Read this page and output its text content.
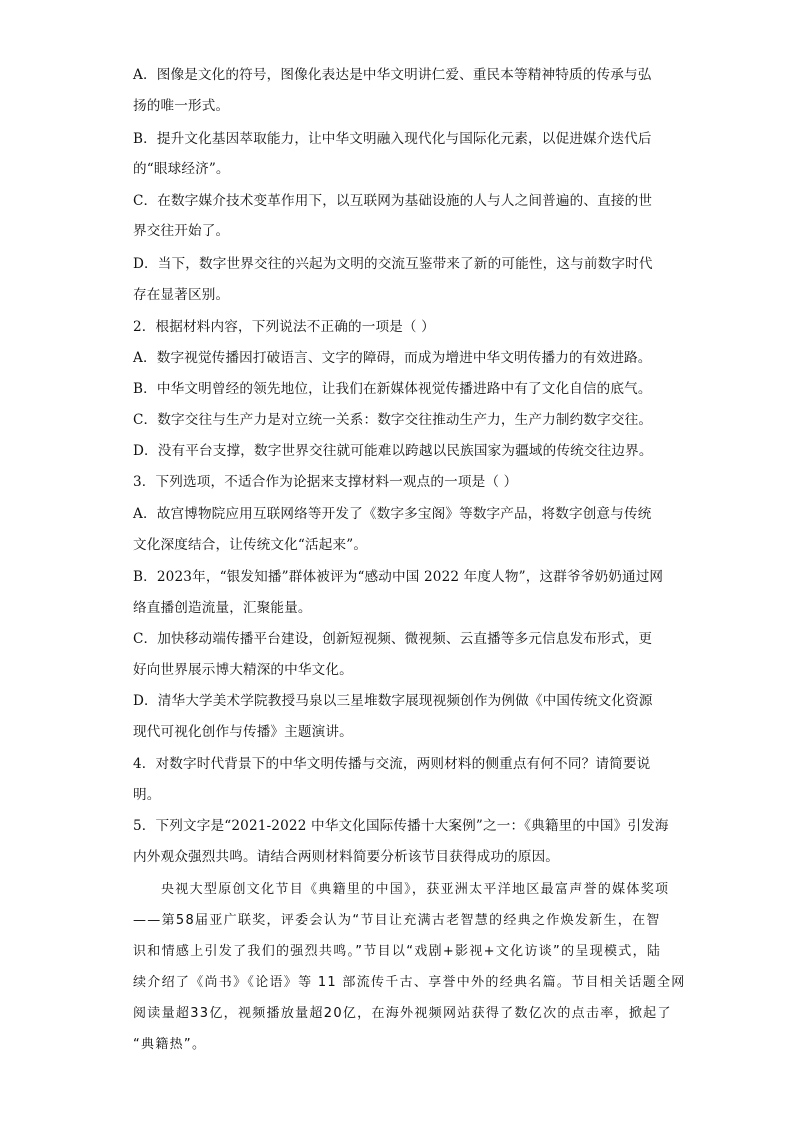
A．图像是文化的符号，图像化表达是中华文明讲仁爱、重民本等精神特质的传承与弘
扬的唯一形式。
B．提升文化基因萃取能力，让中华文明融入现代化与国际化元素，以促进媒介迭代后
的“眼球经济”。
C．在数字媒介技术变革作用下，以互联网为基础设施的人与人之间普遍的、直接的世
界交往开始了。
D．当下，数字世界交往的兴起为文明的交流互鉴带来了新的可能性，这与前数字时代
存在显著区别。
2．根据材料内容，下列说法不正确的一项是（ ）
A．数字视觉传播因打破语言、文字的障碍，而成为增进中华文明传播力的有效进路。
B．中华文明曾经的领先地位，让我们在新媒体视觉传播进路中有了文化自信的底气。
C．数字交往与生产力是对立统一关系：数字交往推动生产力，生产力制约数字交往。
D．没有平台支撑，数字世界交往就可能难以跨越以民族国家为疆域的传统交往边界。
3．下列选项，不适合作为论据来支撑材料一观点的一项是（ ）
A．故宫博物院应用互联网络等开发了《数字多宝阁》等数字产品，将数字创意与传统
文化深度结合，让传统文化“活起来”。
B．2023年，“银发知播”群体被评为“感动中国 2022 年度人物”，这群爷爷奶奶通过网
络直播创造流量，汇聚能量。
C．加快移动端传播平台建设，创新短视频、微视频、云直播等多元信息发布形式，更
好向世界展示博大精深的中华文化。
D．清华大学美术学院教授马泉以三星堆数字展现视频创作为例做《中国传统文化资源
现代可视化创作与传播》主题演讲。
4．对数字时代背景下的中华文明传播与交流，两则材料的侧重点有何不同？请简要说
明。
5．下列文字是“2021-2022 中华文化国际传播十大案例”之一：《典籍里的中国》引发海
内外观众强烈共鸣。请结合两则材料简要分析该节目获得成功的原因。
央视大型原创文化节目《典籍里的中国》，获亚洲太平洋地区最富声誉的媒体奖项
——第58届亚广联奖，评委会认为“节目让充满古老智慧的经典之作焕发新生，在智
识和情感上引发了我们的强烈共鸣。”节目以“戏剧+影视+文化访谈”的呈现模式，陆
续介绍了《尚书》《论语》等 11 部流传千古、享誉中外的经典名篇。节目相关话题全网
阅读量超33亿，视频播放量超20亿，在海外视频网站获得了数亿次的点击率，掀起了
“典籍热”。
